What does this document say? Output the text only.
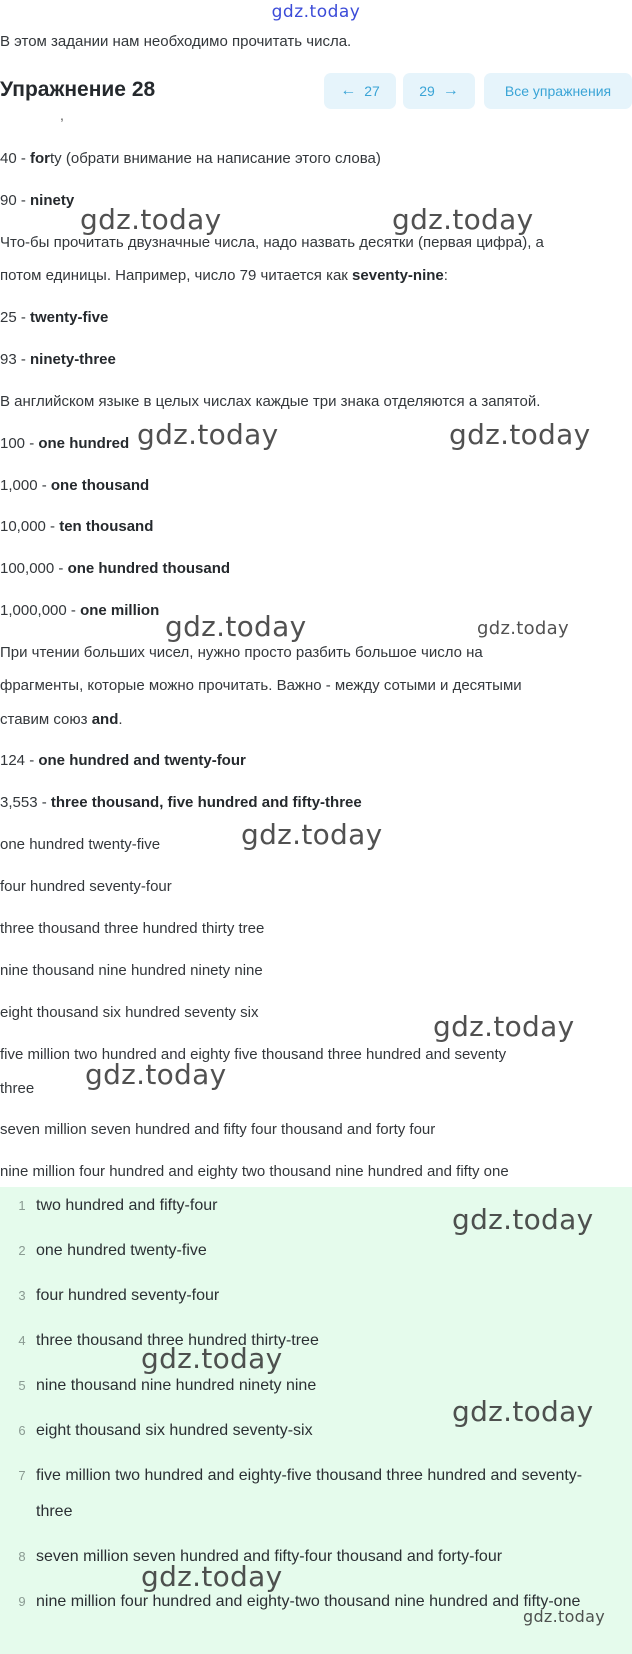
gdz.today
В этом задании нам необходимо прочитать числа.
Упражнение 28	← 27	29 →	Все упражнения
,
40 - forty (обрати внимание на написание этого слова)
90 - ninety
Что-бы прочитать двузначные числа, надо назвать десятки (первая цифра), а
потом единицы. Например, число 79 читается как seventy-nine:
25 - twenty-five
93 - ninety-three
В английском языке в целых числах каждые три знака отделяются а запятой.
100 - one hundred
1,000 - one thousand
10,000 - ten thousand
100,000 - one hundred thousand
1,000,000 - one million
При чтении больших чисел, нужно просто разбить большое число на
фрагменты, которые можно прочитать. Важно - между сотыми и десятыми
ставим союз and.
124 - one hundred and twenty-four
3,553 - three thousand, five hundred and fifty-three
one hundred twenty-five
four hundred seventy-four
three thousand three hundred thirty tree
nine thousand nine hundred ninety nine
eight thousand six hundred seventy six
five million two hundred and eighty five thousand three hundred and seventy
three
seven million seven hundred and fifty four thousand and forty four
nine million four hundred and eighty two thousand nine hundred and fifty one
1 two hundred and fifty-four
2 one hundred twenty-five
3 four hundred seventy-four
4 three thousand three hundred thirty-tree
5 nine thousand nine hundred ninety nine
6 eight thousand six hundred seventy-six
7 five million two hundred and eighty-five thousand three hundred and seventy-three
8 seven million seven hundred and fifty-four thousand and forty-four
9 nine million four hundred and eighty-two thousand nine hundred and fifty-one
gdz.today	gdz.today
gdz.today	gdz.today
gdz.today	gdz.today
gdz.today
gdz.today
gdz.today
gdz.today
gdz.today
gdz.today
gdz.today
gdz.today
